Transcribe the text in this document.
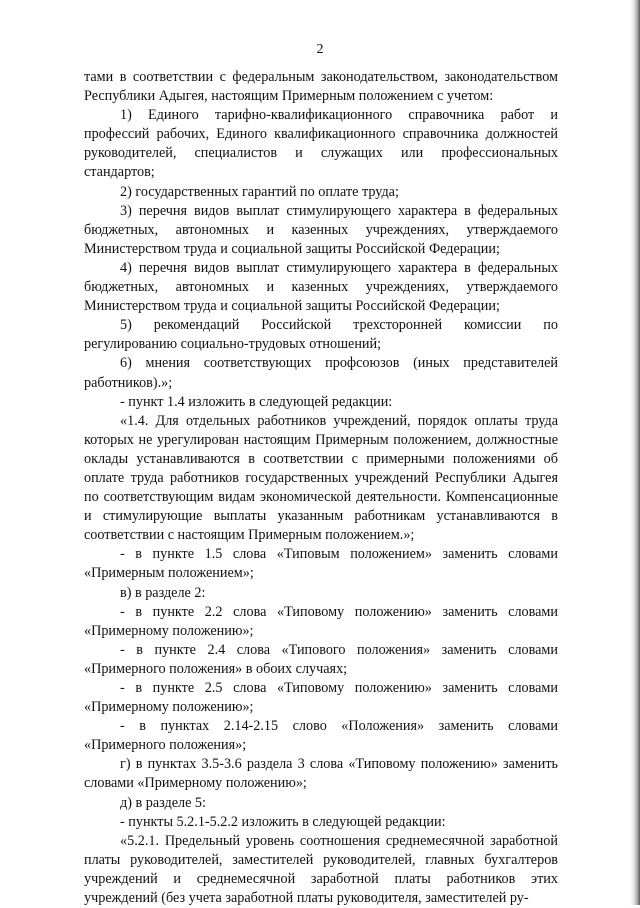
2

тами в соответствии с федеральным законодательством, законодательством Республики Адыгея, настоящим Примерным положением с учетом:

1) Единого тарифно-квалификационного справочника работ и профессий рабочих, Единого квалификационного справочника должностей руководителей, специалистов и служащих или профессиональных стандартов;

2) государственных гарантий по оплате труда;

3) перечня видов выплат стимулирующего характера в федеральных бюджетных, автономных и казенных учреждениях, утверждаемого Министерством труда и социальной защиты Российской Федерации;

4) перечня видов выплат стимулирующего характера в федеральных бюджетных, автономных и казенных учреждениях, утверждаемого Министерством труда и социальной защиты Российской Федерации;

5) рекомендаций Российской трехсторонней комиссии по регулированию социально-трудовых отношений;

6) мнения соответствующих профсоюзов (иных представителей работников).»;

- пункт 1.4 изложить в следующей редакции:

«1.4. Для отдельных работников учреждений, порядок оплаты труда которых не урегулирован настоящим Примерным положением, должностные оклады устанавливаются в соответствии с примерными положениями об оплате труда работников государственных учреждений Республики Адыгея по соответствующим видам экономической деятельности. Компенсационные и стимулирующие выплаты указанным работникам устанавливаются в соответствии с настоящим Примерным положением.»;

- в пункте 1.5 слова «Типовым положением» заменить словами «Примерным положением»;

в) в разделе 2:

- в пункте 2.2 слова «Типовому положению» заменить словами «Примерному положению»;

- в пункте 2.4 слова «Типового положения» заменить словами «Примерного положения» в обоих случаях;

- в пункте 2.5 слова «Типовому положению» заменить словами «Примерному положению»;

- в пунктах 2.14-2.15 слово «Положения» заменить словами «Примерного положения»;

г) в пунктах 3.5-3.6 раздела 3 слова «Типовому положению» заменить словами «Примерному положению»;

д) в разделе 5:

- пункты 5.2.1-5.2.2 изложить в следующей редакции:

«5.2.1. Предельный уровень соотношения среднемесячной заработной платы руководителей, заместителей руководителей, главных бухгалтеров учреждений и среднемесячной заработной платы работников этих учреждений (без учета заработной платы руководителя, заместителей ру-
